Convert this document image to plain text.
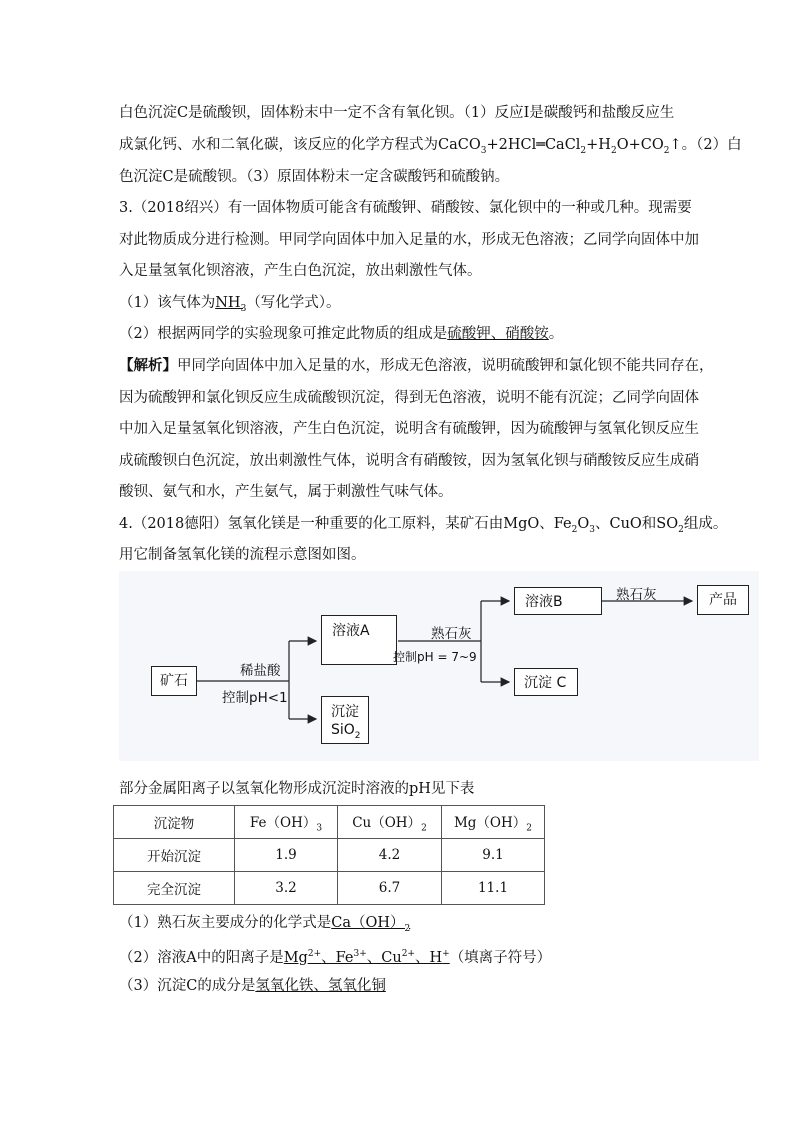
白色沉淀C是硫酸钡，固体粉末中一定不含有氧化钡。（1）反应Ⅰ是碳酸钙和盐酸反应生
成氯化钙、水和二氧化碳，该反应的化学方程式为$CaCO_3+2HCl═CaCl_2+H_2O+CO_2↑$。（2）白
色沉淀C是硫酸钡。（3）原固体粉末一定含碳酸钙和硫酸钠。
3.（2018绍兴）有一固体物质可能含有硫酸钾、硝酸铵、氯化钡中的一种或几种。现需要
对此物质成分进行检测。甲同学向固体中加入足量的水，形成无色溶液；乙同学向固体中加
入足量氢氧化钡溶液，产生白色沉淀，放出刺激性气体。
（1）该气体为$NH_3$（写化学式）。
（2）根据两同学的实验现象可推定此物质的组成是硫酸钾、硝酸铵。
【解析】甲同学向固体中加入足量的水，形成无色溶液，说明硫酸钾和氯化钡不能共同存在，
因为硫酸钾和氯化钡反应生成硫酸钡沉淀，得到无色溶液，说明不能有沉淀；乙同学向固体
中加入足量氢氧化钡溶液，产生白色沉淀，说明含有硫酸钾，因为硫酸钾与氢氧化钡反应生
成硫酸钡白色沉淀，放出刺激性气体，说明含有硝酸铵，因为氢氧化钡与硝酸铵反应生成硝
酸钡、氨气和水，产生氨气，属于刺激性气味气体。
4.（2018德阳）氢氧化镁是一种重要的化工原料，某矿石由MgO、$Fe_2O_3$、CuO和$SO_2$组成。
用它制备氢氧化镁的流程示意图如图。
矿石
稀盐酸
控制pH<1
溶液A
沉淀
SiO$_2$
熟石灰
控制pH = 7~9
溶液B
沉淀 C
熟石灰	产品
部分金属阳离子以氢氧化物形成沉淀时溶液的pH见下表
沉淀物	$Fe(OH)_3$	$Cu(OH)_2$	$Mg(OH)_2$
开始沉淀	1.9	4.2	9.1
完全沉淀	3.2	6.7	11.1
（1）熟石灰主要成分的化学式是$Ca(OH)_2$
（2）溶液A中的阳离子是$Mg^{2+}$、$Fe^{3+}$、$Cu^{2+}$、H+（填离子符号）
（3）沉淀C的成分是氢氧化铁、氢氧化铜
